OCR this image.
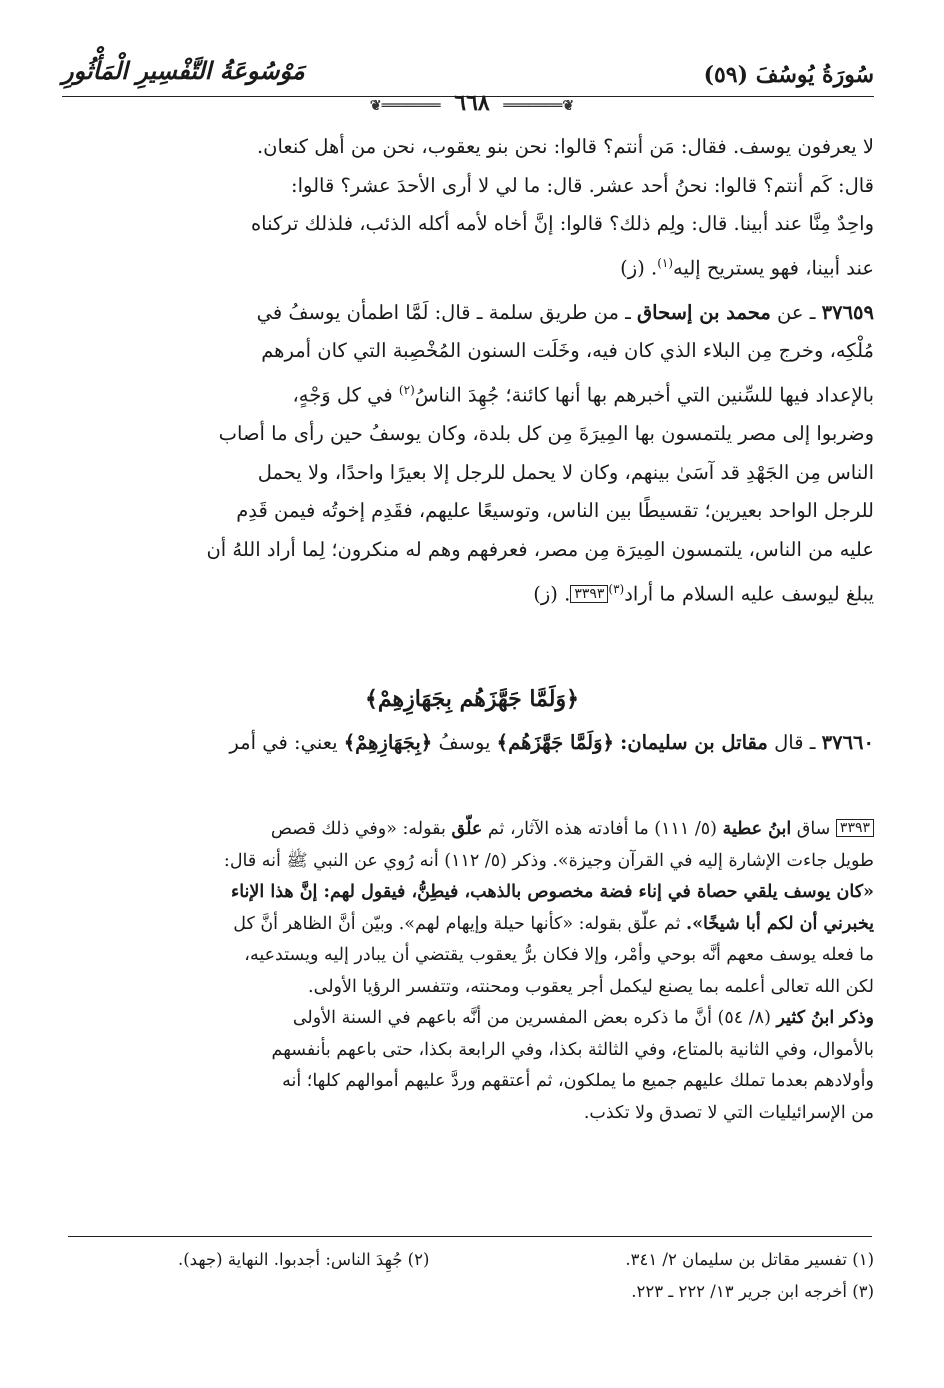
سُورَةُ يُوسُفَ (٥٩)
مَوْسُوعَةُ التَّفْسِيرِ الْمَأْثُورِ
❦═══════ ٦٦٨ ═══════❦

لا يعرفون يوسف. فقال: مَن أنتم؟ قالوا: نحن بنو يعقوب، نحن من أهل كنعان.

قال: كَم أنتم؟ قالوا: نحنُ أحد عشر. قال: ما لي لا أرى الأحدَ عشر؟ قالوا:

واحِدٌ مِنَّا عند أبينا. قال: ولِم ذلك؟ قالوا: إنَّ أخاه لأمه أكله الذئب، فلذلك تركناه

عند أبينا، فهو يستريح إليه$^{(١)}$. (ز)

٣٧٦٥٩ ـ عن محمد بن إسحاق ـ من طريق سلمة ـ قال: لَمَّا اطمأن يوسفُ في

مُلْكِه، وخرج مِن البلاء الذي كان فيه، وخَلَت السنون المُخْصِبة التي كان أمرهم

بالإعداد فيها للسِّنين التي أخبرهم بها أنها كائنة؛ جُهِدَ الناسُ$^{(٢)}$ في كل وَجْهٍ،

وضربوا إلى مصر يلتمسون بها المِيرَةَ مِن كل بلدة، وكان يوسفُ حين رأى ما أصاب

الناس مِن الجَهْدِ قد آسَىٰ بينهم، وكان لا يحمل للرجل إلا بعيرًا واحدًا، ولا يحمل

للرجل الواحد بعيرين؛ تقسيطًا بين الناس، وتوسيعًا عليهم، فقَدِم إخوتُه فيمن قَدِم

عليه من الناس، يلتمسون المِيرَة مِن مصر، فعرفهم وهم له منكرون؛ لِما أراد اللهُ أن

يبلغ ليوسف عليه السلام ما أراد$^{(٣)}$٣٣٩٣. (ز)

﴿وَلَمَّا جَهَّزَهُم بِجَهَازِهِمْ﴾
٣٧٦٦٠ ـ قال مقاتل بن سليمان: ﴿وَلَمَّا جَهَّزَهُم﴾ يوسفُ ﴿بِجَهَازِهِمْ﴾ يعني: في أمر

٣٣٩٣ ساق ابنُ عطية (٥/ ١١١) ما أفادته هذه الآثار، ثم علّق بقوله: «وفي ذلك قصص

طويل جاءت الإشارة إليه في القرآن وجيزة». وذكر (٥/ ١١٢) أنه رُوي عن النبي ﷺ أنه قال:

«كان يوسف يلقي حصاة في إناء فضة مخصوص بالذهب، فيطِنُّ، فيقول لهم: إنَّ هذا الإناء

يخبرني أن لكم أبا شيخًا». ثم علّق بقوله: «كأنها حيلة وإيهام لهم». وبيّن أنَّ الظاهر أنَّ كل

ما فعله يوسف معهم أنَّه بوحي وأمْر، وإلا فكان برُّ يعقوب يقتضي أن يبادر إليه ويستدعيه،

لكن الله تعالى أعلمه بما يصنع ليكمل أجر يعقوب ومحنته، وتتفسر الرؤيا الأولى.

وذكر ابنُ كثير (٨/ ٥٤) أنَّ ما ذكره بعض المفسرين من أنَّه باعهم في السنة الأولى

بالأموال، وفي الثانية بالمتاع، وفي الثالثة بكذا، وفي الرابعة بكذا، حتى باعهم بأنفسهم

وأولادهم بعدما تملك عليهم جميع ما يملكون، ثم أعتقهم وردَّ عليهم أموالهم كلها؛ أنه

من الإسرائيليات التي لا تصدق ولا تكذب.

(١) تفسير مقاتل بن سليمان ٢/ ٣٤١.
(٢) جُهِدَ الناس: أجدبوا. النهاية (جهد).
(٣) أخرجه ابن جرير ١٣/ ٢٢٢ ـ ٢٢٣.
